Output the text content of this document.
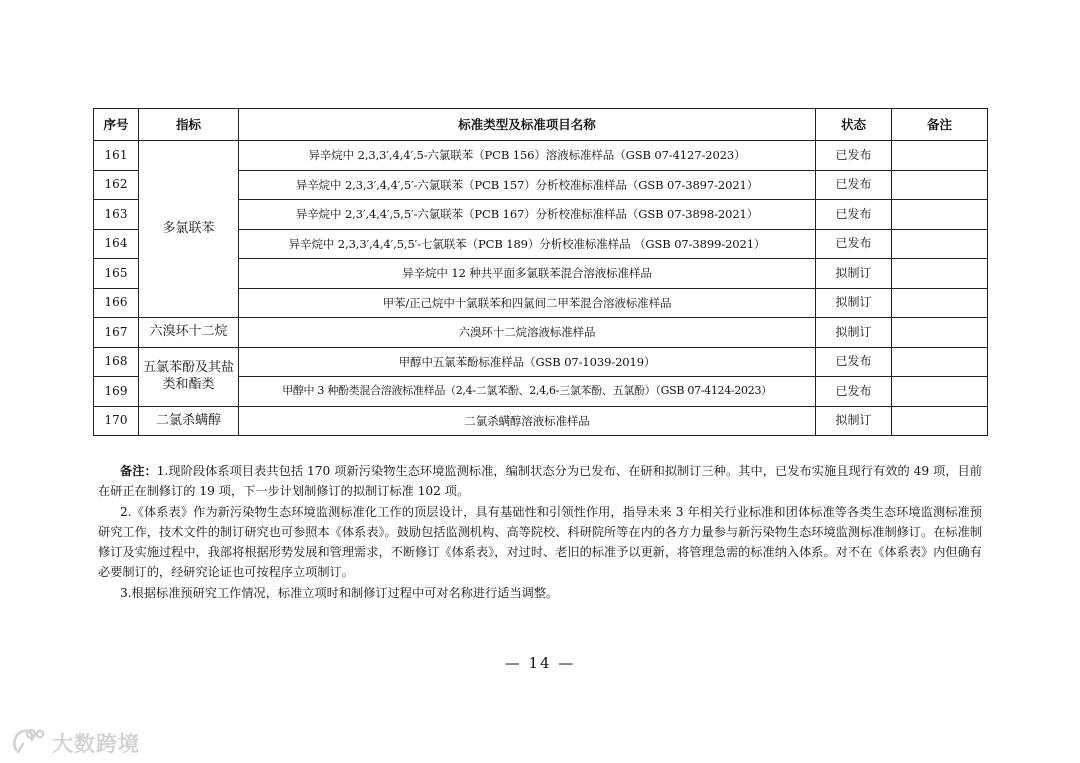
序号	指标	标准类型及标准项目名称	状态	备注
161	多氯联苯	异辛烷中 2,3,3′,4,4′,5-六氯联苯（PCB 156）溶液标准样品（GSB 07-4127-2023）	已发布	
162		异辛烷中 2,3,3′,4,4′,5′-六氯联苯（PCB 157）分析校准标准样品（GSB 07-3897-2021）	已发布	
163		异辛烷中 2,3′,4,4′,5,5′-六氯联苯（PCB 167）分析校准标准样品（GSB 07-3898-2021）	已发布	
164		异辛烷中 2,3,3′,4,4′,5,5′-七氯联苯（PCB 189）分析校准标准样品 （GSB 07-3899-2021）	已发布	
165		异辛烷中 12 种共平面多氯联苯混合溶液标准样品	拟制订	
166		甲苯/正己烷中十氯联苯和四氯间二甲苯混合溶液标准样品	拟制订	
167	六溴环十二烷	六溴环十二烷溶液标准样品	拟制订	
168	五氯苯酚及其盐类和酯类	甲醇中五氯苯酚标准样品（GSB 07-1039-2019）	已发布	
169		甲醇中 3 种酚类混合溶液标准样品（2,4-二氯苯酚、2,4,6-三氯苯酚、五氯酚）（GSB 07-4124-2023）	已发布	
170	二氯杀螨醇	二氯杀螨醇溶液标准样品	拟制订	

备注：1.现阶段体系项目表共包括 170 项新污染物生态环境监测标准，编制状态分为已发布、在研和拟制订三种。其中，已发布实施且现行有效的 49 项，目前在研正在制修订的 19 项，下一步计划制修订的拟制订标准 102 项。

2.《体系表》作为新污染物生态环境监测标准化工作的顶层设计，具有基础性和引领性作用，指导未来 3 年相关行业标准和团体标准等各类生态环境监测标准预研究工作，技术文件的制订研究也可参照本《体系表》。鼓励包括监测机构、高等院校、科研院所等在内的各方力量参与新污染物生态环境监测标准制修订。在标准制修订及实施过程中，我部将根据形势发展和管理需求，不断修订《体系表》，对过时、老旧的标准予以更新，将管理急需的标准纳入体系。对不在《体系表》内但确有必要制订的，经研究论证也可按程序立项制订。

3.根据标准预研究工作情况，标准立项时和制修订过程中可对名称进行适当调整。

— 14 —
大数跨境
